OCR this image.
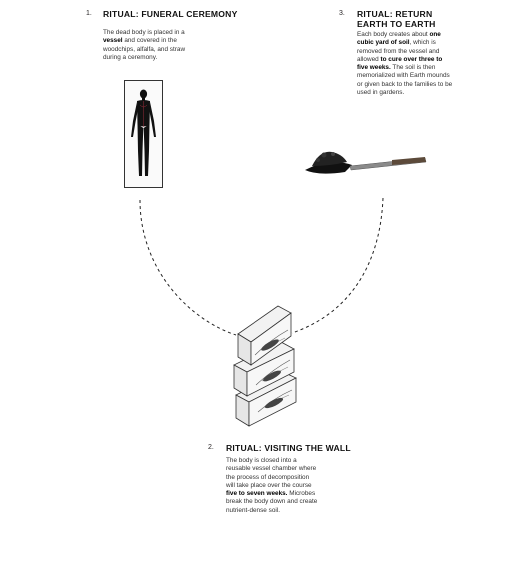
1. RITUAL: FUNERAL CEREMONY
The dead body is placed in a vessel and covered in the woodchips, alfalfa, and straw during a ceremony.
3. RITUAL: RETURN EARTH TO EARTH
Each body creates about one cubic yard of soil, which is removed from the vessel and allowed to cure over three to five weeks. The soil is then memorialized with Earth mounds or given back to the families to be used in gardens.
2. RITUAL: VISITING THE WALL
The body is closed into a reusable vessel chamber where the process of decomposition will take place over the course five to seven weeks. Microbes break the body down and create nutrient-dense soil.
